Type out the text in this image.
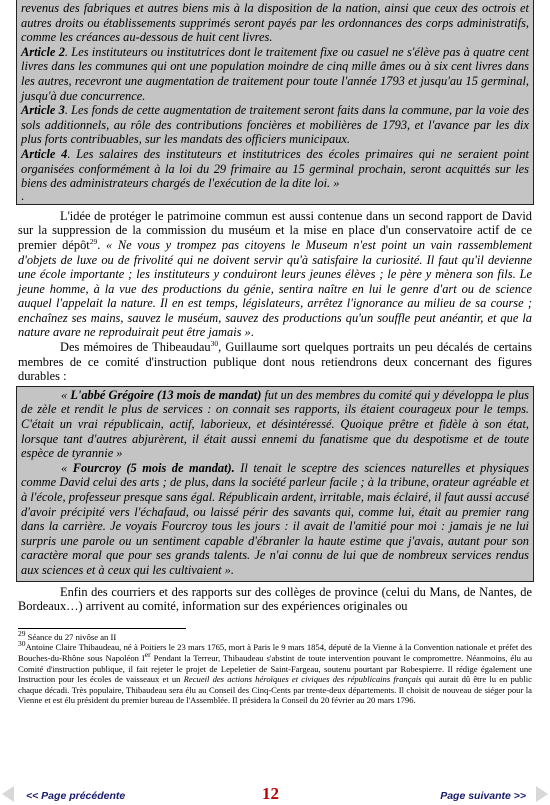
revenus des fabriques et autres biens mis à la disposition de la nation, ainsi que ceux des octrois et autres droits ou établissements supprimés seront payés par les ordonnances des corps administratifs, comme les créances au-dessous de huit cent livres.

Article 2. Les instituteurs ou institutrices dont le traitement fixe ou casuel ne s'élève pas à quatre cent livres dans les communes qui ont une population moindre de cinq mille âmes ou à six cent livres dans les autres, recevront une augmentation de traitement pour toute l'année 1793 et jusqu'au 15 germinal, jusqu'à due concurrence.

Article 3. Les fonds de cette augmentation de traitement seront faits dans la commune, par la voie des sols additionnels, au rôle des contributions foncières et mobilières de 1793, et l'avance par les dix plus forts contribuables, sur les mandats des officiers municipaux.

Article 4. Les salaires des instituteurs et institutrices des écoles primaires qui ne seraient point organisées conformément à la loi du 29 frimaire au 15 germinal prochain, seront acquittés sur les biens des administrateurs chargés de l'exécution de la dite loi. »

.

L'idée de protéger le patrimoine commun est aussi contenue dans un second rapport de David sur la suppression de la commission du muséum et la mise en place d'un conservatoire actif de ce premier dépôt$^{29}$. « Ne vous y trompez pas citoyens le Museum n'est point un vain rassemblement d'objets de luxe ou de frivolité qui ne doivent servir qu'à satisfaire la curiosité. Il faut qu'il devienne une école importante ; les instituteurs y conduiront leurs jeunes élèves ; le père y mènera son fils. Le jeune homme, à la vue des productions du génie, sentira naître en lui le genre d'art ou de science auquel l'appelait la nature. Il en est temps, législateurs, arrêtez l'ignorance au milieu de sa course ; enchaînez ses mains, sauvez le muséum, sauvez des productions qu'un souffle peut anéantir, et que la nature avare ne reproduirait peut être jamais ».

Des mémoires de Thibeaudau$^{30}$, Guillaume sort quelques portraits un peu décalés de certains membres de ce comité d'instruction publique dont nous retiendrons deux concernant des figures durables :

« L'abbé Grégoire (13 mois de mandat) fut un des membres du comité qui y développa le plus de zèle et rendit le plus de services : on connait ses rapports, ils étaient courageux pour le temps. C'était un vrai républicain, actif, laborieux, et désintéressé. Quoique prêtre et fidèle à son état, lorsque tant d'autres abjurèrent, il était aussi ennemi du fanatisme que du despotisme et de toute espèce de tyrannie »

« Fourcroy (5 mois de mandat). Il tenait le sceptre des sciences naturelles et physiques comme David celui des arts ; de plus, dans la société parleur facile ; à la tribune, orateur agréable et à l'école, professeur presque sans égal. Républicain ardent, irritable, mais éclairé, il faut aussi accusé d'avoir précipité vers l'échafaud, ou laissé périr des savants qui, comme lui, était au premier rang dans la carrière. Je voyais Fourcroy tous les jours : il avait de l'amitié pour moi : jamais je ne lui surpris une parole ou un sentiment capable d'ébranler la haute estime que j'avais, autant pour son caractère moral que pour ses grands talents. Je n'ai connu de lui que de nombreux services rendus aux sciences et à ceux qui les cultivaient ».

Enfin des courriers et des rapports sur des collèges de province (celui du Mans, de Nantes, de Bordeaux…) arrivent au comité, information sur des expériences originales ou

$^{29}$ Séance du 27 nivôse an II

$^{30}$Antoine Claire Thibaudeau, né à Poitiers le 23 mars 1765, mort à Paris le 9 mars 1854, député de la Vienne à la Convention nationale et préfet des Bouches-du-Rhône sous Napoléon Ier Pendant la Terreur, Thibaudeau s'abstint de toute intervention pouvant le compromettre. Néanmoins, élu au Comité d'instruction publique, il fait rejeter le projet de Lepeletier de Saint-Fargeau, soutenu pourtant par Robespierre. Il rédige également une Instruction pour les écoles de vaisseaux et un Recueil des actions héroïques et civiques des républicains français qui aurait dû être lu en public chaque décadi. Très populaire, Thibaudeau sera élu au Conseil des Cinq-Cents par trente-deux départements. Il choisit de nouveau de siéger pour la Vienne et est élu président du premier bureau de l'Assemblée. Il présidera la Conseil du 20 février au 20 mars 1796.

<< Page précédente	12	Page suivante >>
